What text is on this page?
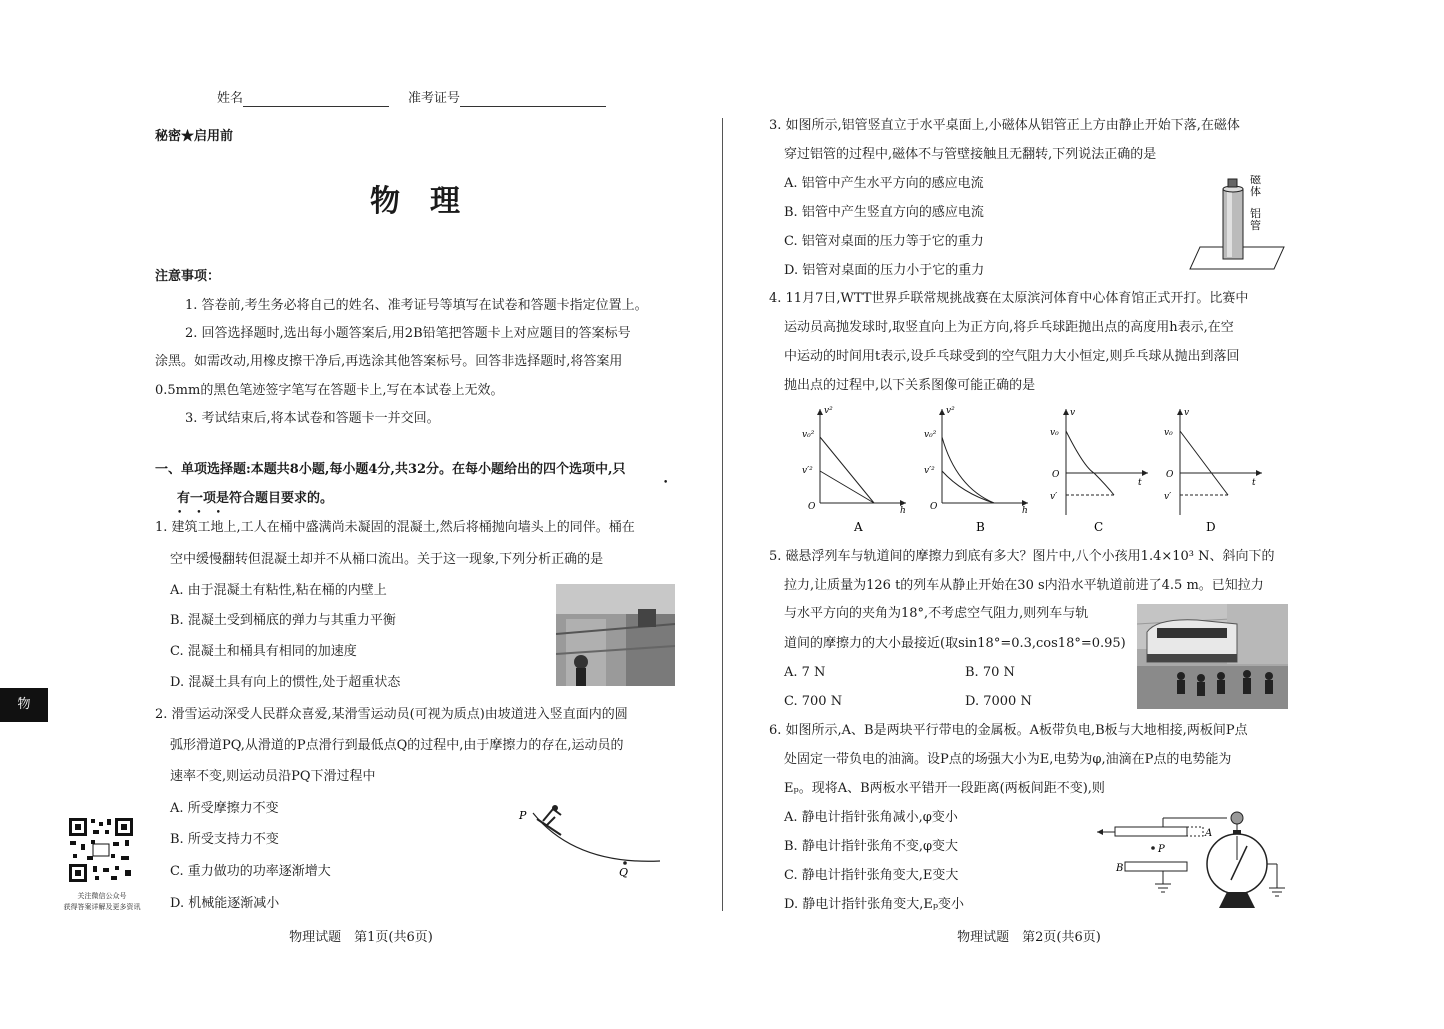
姓名	准考证号
秘密★启用前
物　理
注意事项：
1. 答卷前,考生务必将自己的姓名、准考证号等填写在试卷和答题卡指定位置上。
2. 回答选择题时,选出每小题答案后,用2B铅笔把答题卡上对应题目的答案标号
涂黑。如需改动,用橡皮擦干净后,再选涂其他答案标号。回答非选择题时,将答案用
0.5mm的黑色笔迹签字笔写在答题卡上,写在本试卷上无效。
3. 考试结束后,将本试卷和答题卡一并交回。
一、单项选择题:本题共8小题,每小题4分,共32分。在每小题给出的四个选项中,只
有一项是符合题目要求的。
•••
•
1. 建筑工地上,工人在桶中盛满尚未凝固的混凝土,然后将桶抛向墙头上的同伴。桶在
空中缓慢翻转但混凝土却并不从桶口流出。关于这一现象,下列分析正确的是
A. 由于混凝土有粘性,粘在桶的内壁上
B. 混凝土受到桶底的弹力与其重力平衡
C. 混凝土和桶具有相同的加速度
D. 混凝土具有向上的惯性,处于超重状态
2. 滑雪运动深受人民群众喜爱,某滑雪运动员(可视为质点)由坡道进入竖直面内的圆
弧形滑道PQ,从滑道的P点滑行到最低点Q的过程中,由于摩擦力的存在,运动员的
速率不变,则运动员沿PQ下滑过程中
A. 所受摩擦力不变
B. 所受支持力不变
C. 重力做功的功率逐渐增大
D. 机械能逐渐减小
P
Q
物
关注微信公众号
获得答案详解及更多资讯
物理试题　第1页(共6页)
3. 如图所示,铝管竖直立于水平桌面上,小磁体从铝管正上方由静止开始下落,在磁体
穿过铝管的过程中,磁体不与管壁接触且无翻转,下列说法正确的是
A. 铝管中产生水平方向的感应电流
B. 铝管中产生竖直方向的感应电流
C. 铝管对桌面的压力等于它的重力
D. 铝管对桌面的压力小于它的重力
磁
体
铝
管
4. 11月7日,WTT世界乒联常规挑战赛在太原滨河体育中心体育馆正式开打。比赛中
运动员高抛发球时,取竖直向上为正方向,将乒乓球距抛出点的高度用h表示,在空
中运动的时间用t表示,设乒乓球受到的空气阻力大小恒定,则乒乓球从抛出到落回
抛出点的过程中,以下关系图像可能正确的是
v²
v₀²
v′²
O	h
A
v²
v₀²
v′²
O	h
B
v
v₀
O
v′
t
C
v
v₀
O
v′
t
D
5. 磁悬浮列车与轨道间的摩擦力到底有多大？图片中,八个小孩用1.4×10³ N、斜向下的
拉力,让质量为126 t的列车从静止开始在30 s内沿水平轨道前进了4.5 m。已知拉力
与水平方向的夹角为18°,不考虑空气阻力,则列车与轨
道间的摩擦力的大小最接近(取sin18°=0.3,cos18°=0.95)
A. 7 N	B. 70 N
C. 700 N	D. 7000 N
6. 如图所示,A、B是两块平行带电的金属板。A板带负电,B板与大地相接,两板间P点
处固定一带负电的油滴。设P点的场强大小为E,电势为φ,油滴在P点的电势能为
Eₚ。现将A、B两板水平错开一段距离(两板间距不变),则
A. 静电计指针张角减小,φ变小
B. 静电计指针张角不变,φ变大
C. 静电计指针张角变大,E变大
D. 静电计指针张角变大,Eₚ变小
A
B
P
物理试题　第2页(共6页)
